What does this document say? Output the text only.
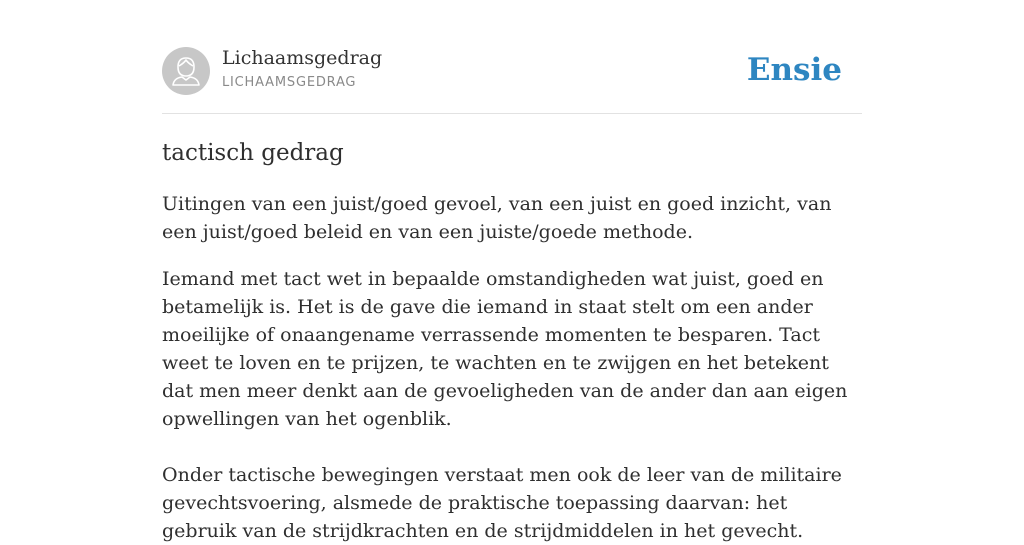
Lichaamsgedrag
LICHAAMSGEDRAG	Ensie
tactisch gedrag

Uitingen van een juist/goed gevoel, van een juist en goed inzicht, van een juist/goed beleid en van een juiste/goede methode.

Iemand met tact wet in bepaalde omstandigheden wat juist, goed en betamelijk is. Het is de gave die iemand in staat stelt om een ander moeilijke of onaangename verrassende momenten te besparen. Tact weet te loven en te prijzen, te wachten en te zwijgen en het betekent dat men meer denkt aan de gevoeligheden van de ander dan aan eigen opwellingen van het ogenblik.

Onder tactische bewegingen verstaat men ook de leer van de militaire gevechtsvoering, alsmede de praktische toepassing daarvan: het gebruik van de strijdkrachten en de strijdmiddelen in het gevecht.
